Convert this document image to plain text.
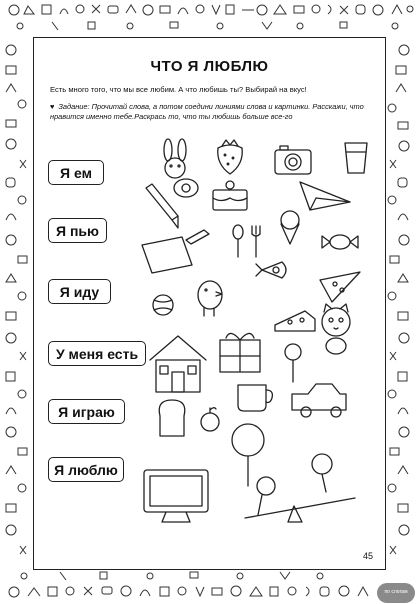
ЧТО Я ЛЮБЛЮ
Есть много того, что мы все любим. А что любишь ты? Выбирай на вкус!
♥ Задание: Прочитай слова, а потом соедини линиями слова и картинки. Расскажи, что нравится именно тебе.Раскрась то, что ты любишь больше все-го
Я ем
Я пью
Я иду
У меня есть
Я играю
Я люблю
45
по слогам
